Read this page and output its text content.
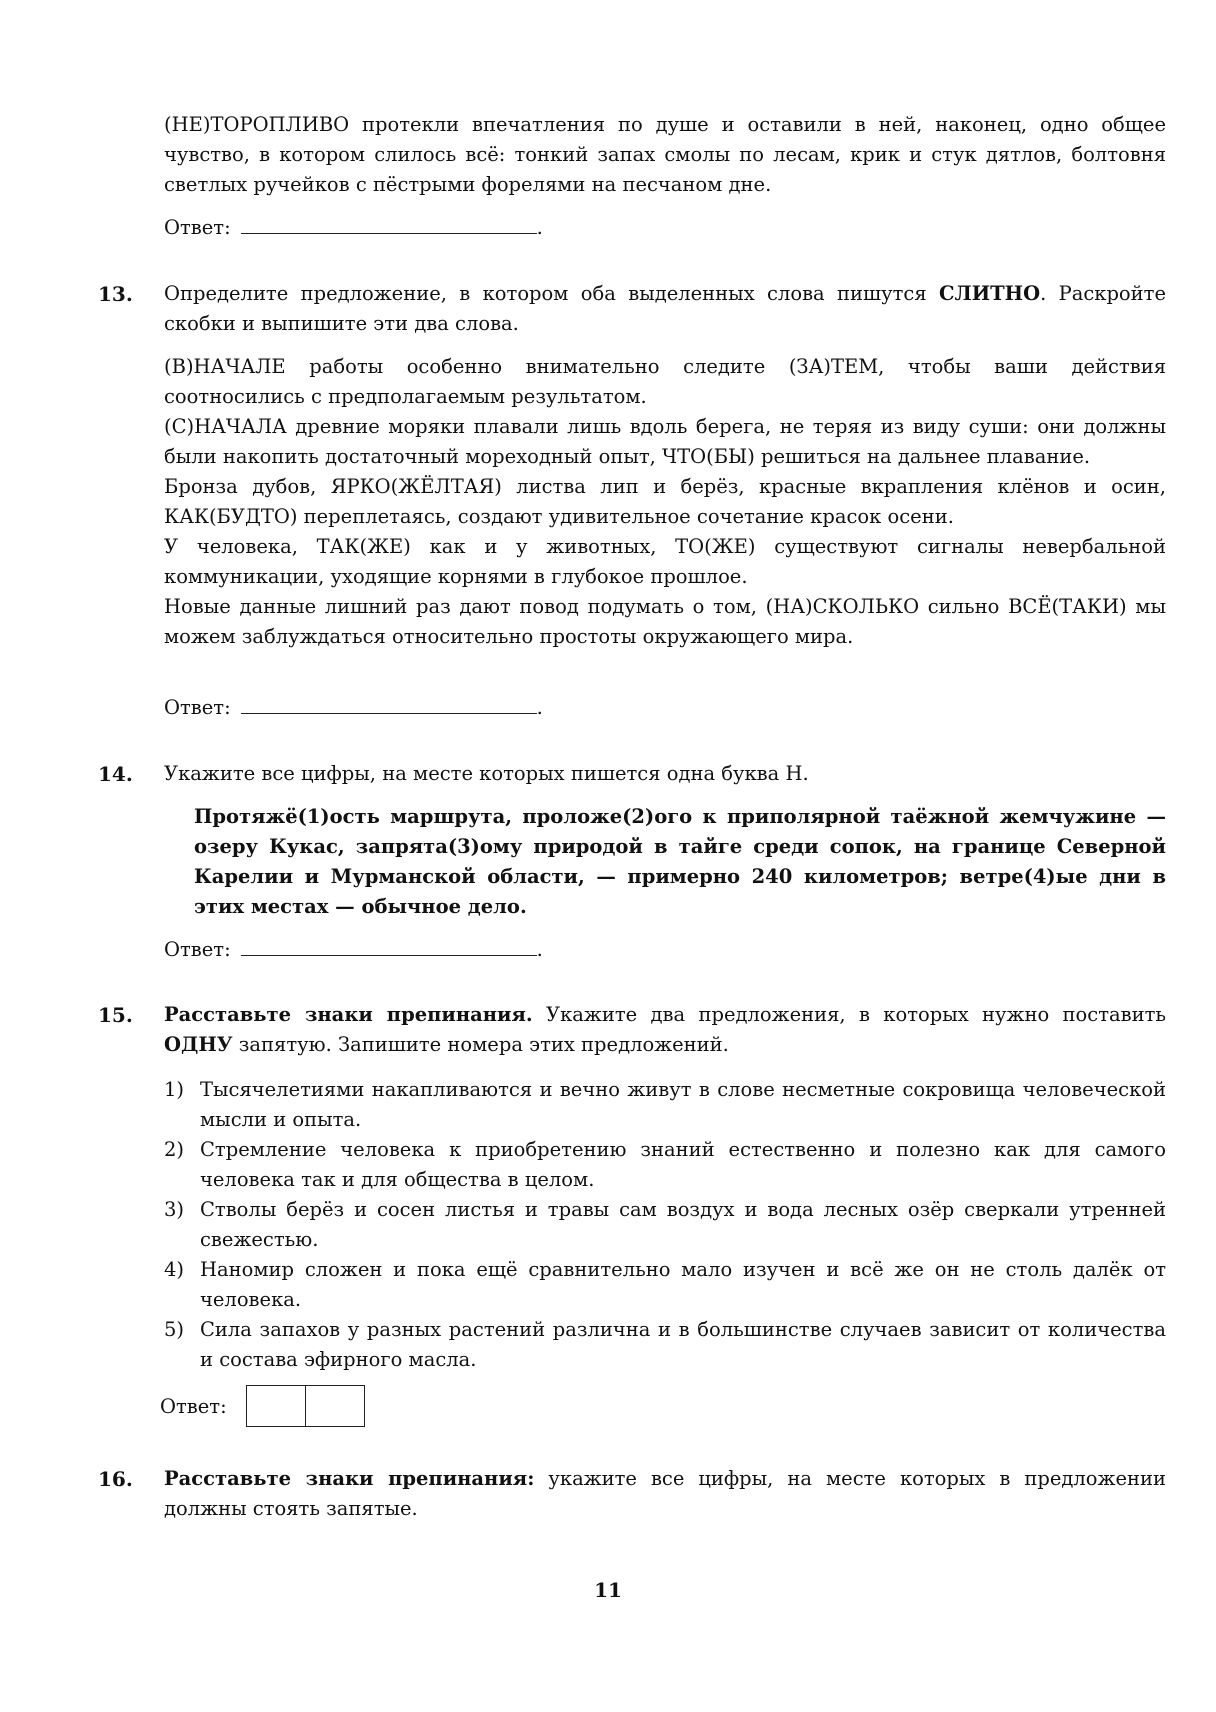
(НЕ)ТОРОПЛИВО протекли впечатления по душе и оставили в ней, наконец, одно общее чувство, в котором слилось всё: тонкий запах смолы по лесам, крик и стук дятлов, болтовня светлых ручейков с пёстрыми форелями на песчаном дне.

Ответ:	.
13. Определите предложение, в котором оба выделенных слова пишутся СЛИТНО. Раскройте скобки и выпишите эти два слова.

(В)НАЧАЛЕ работы особенно внимательно следите (ЗА)ТЕМ, чтобы ваши действия соотносились с предполагаемым результатом.

(С)НАЧАЛА древние моряки плавали лишь вдоль берега, не теряя из виду суши: они должны были накопить достаточный мореходный опыт, ЧТО(БЫ) решиться на дальнее плавание.

Бронза дубов, ЯРКО(ЖЁЛТАЯ) листва лип и берёз, красные вкрапления клёнов и осин, КАК(БУДТО) переплетаясь, создают удивительное сочетание красок осени.

У человека, ТАК(ЖЕ) как и у животных, ТО(ЖЕ) существуют сигналы невербальной коммуникации, уходящие корнями в глубокое прошлое.

Новые данные лишний раз дают повод подумать о том, (НА)СКОЛЬКО сильно ВСЁ(ТАКИ) мы можем заблуждаться относительно простоты окружающего мира.

Ответ:	.
14. Укажите все цифры, на месте которых пишется одна буква Н.

Протяжё(1)ость маршрута, проложе(2)ого к приполярной таёжной жемчужине — озеру Кукас, запрята(3)ому природой в тайге среди сопок, на границе Северной Карелии и Мурманской области, — примерно 240 километров; ветре(4)ые дни в этих местах — обычное дело.

Ответ:	.
15. Расставьте знаки препинания. Укажите два предложения, в которых нужно поставить ОДНУ запятую. Запишите номера этих предложений.

1) Тысячелетиями накапливаются и вечно живут в слове несметные сокровища человеческой мысли и опыта.
2) Стремление человека к приобретению знаний естественно и полезно как для самого человека так и для общества в целом.
3) Стволы берёз и сосен листья и травы сам воздух и вода лесных озёр сверкали утренней свежестью.
4) Наномир сложен и пока ещё сравнительно мало изучен и всё же он не столь далёк от человека.
5) Сила запахов у разных растений различна и в большинстве случаев зависит от количества и состава эфирного масла.
Ответ:
16. Расставьте знаки препинания: укажите все цифры, на месте которых в предложении должны стоять запятые.

11
